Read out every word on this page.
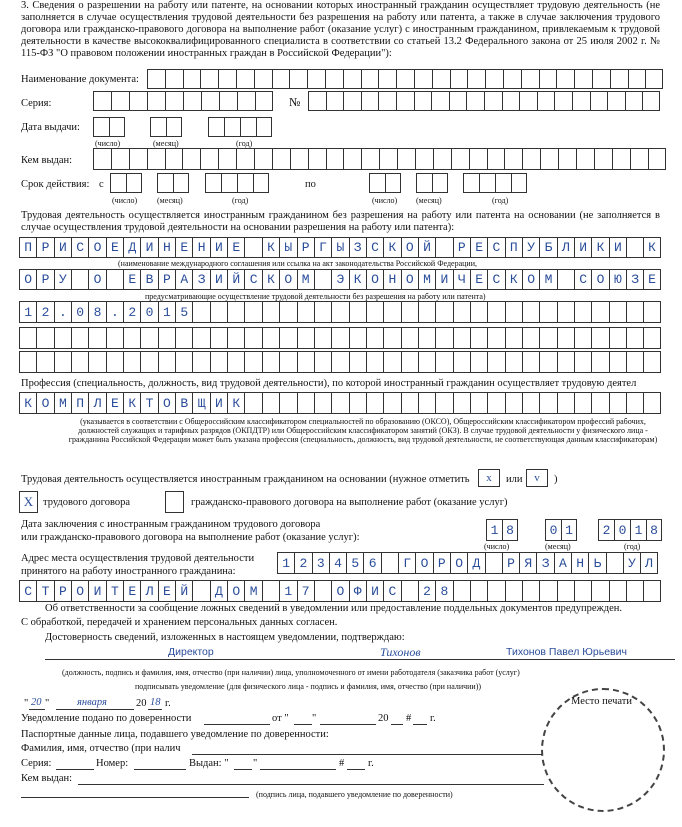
3. Сведения о разрешении на работу или патенте, на основании которых иностранный гражданин осуществляет трудовую деятельность (не заполняется в случае осуществления трудовой деятельности без разрешения на работу или патента, а также в случае заключения трудового договора или гражданско-правового договора на выполнение работ (оказание услуг) с иностранным гражданином, привлекаемым к трудовой деятельности в качестве высококвалифицированного специалиста в соответствии со статьей 13.2 Федерального закона от 25 июля 2002 г. № 115-ФЗ "О правовом положении иностранных граждан в Российской Федерации"):
Наименование документа:
Серия:	№
Дата выдачи:
(число)	(месяц)	(год)
Кем выдан:
Срок действия: с	по
(число) (месяц)	(год)	(число) (месяц)	(год)
Трудовая деятельность осуществляется иностранным гражданином без разрешения на работу или патента на основании (не заполняется в случае осуществления трудовой деятельности на основании разрешения на работу или патента):
П Р И С О Е Д И Н Е Н И Е	К Ы Р Г Ы З С К О Й	Р Е С П У Б Л И К И	К
(наименование международного соглашения или ссылка на акт законодательства Российской Федерации,
О Р У	О	Е В Р А З И Й С К О М	Э К О Н О М И Ч Е С К О М	С О Ю З Е
предусматривающие осуществление трудовой деятельности без разрешения на работу или патента)
1 2 . 0 8 . 2 0 1 5
Профессия (специальность, должность, вид трудовой деятельности), по которой иностранный гражданин осуществляет трудовую деятел
К О М П Л Е К Т О В Щ И К
(указывается в соответствии с Общероссийским классификатором специальностей по образованию (ОКСО), Общероссийским классификатором профессий рабочих, должностей служащих и тарифных разрядов (ОКПДТР) или Общероссийским классификатором занятий (ОКЗ). В случае трудовой деятельности у физического лица - гражданина Российской Федерации может быть указана профессия (специальность, должность, вид трудовой деятельности, не соответствующая данным классификаторам)
Трудовая деятельность осуществляется иностранным гражданином на основании (нужное отметить	x	или	v	)
X трудового договора	гражданско-правового договора на выполнение работ (оказание услуг)
Дата заключения с иностранным гражданином трудового договора
или гражданско-правового договора на выполнение работ (оказание услуг):	1 8	0 1	2 0 1 8
(число)	(месяц)	(год)
Адрес места осуществления трудовой деятельности
принятого на работу иностранного гражданина:
1 2 3 4 5 6	Г О Р О Д	Р Я З А Н Ь	У Л
С Т Р О И Т Е Л Е Й	Д О М	1 7	О Ф И С	2 8
Об ответственности за сообщение ложных сведений в уведомлении или предоставление поддельных документов предупрежден.
С обработкой, передачей и хранением персональных данных согласен.
Достоверность сведений, изложенных в настоящем уведомлении, подтверждаю:
Директор	Тихонов	Тихонов Павел Юрьевич
(должность, подпись и фамилия, имя, отчество (при наличии) лица, уполномоченного от имени работодателя (заказчика работ (услуг)
подписывать уведомление (для физического лица - подпись и фамилия, имя, отчество (при наличии))
" 20 "	января	20 18 г.	Место печати
Уведомление подано по доверенности	от " "	20 # г.
Паспортные данные лица, подавшего уведомление по доверенности:
Фамилия, имя, отчество (при налич
Серия:	Номер:	Выдан: " "	# г.
Кем выдан:
(подпись лица, подавшего уведомление по доверенности)
